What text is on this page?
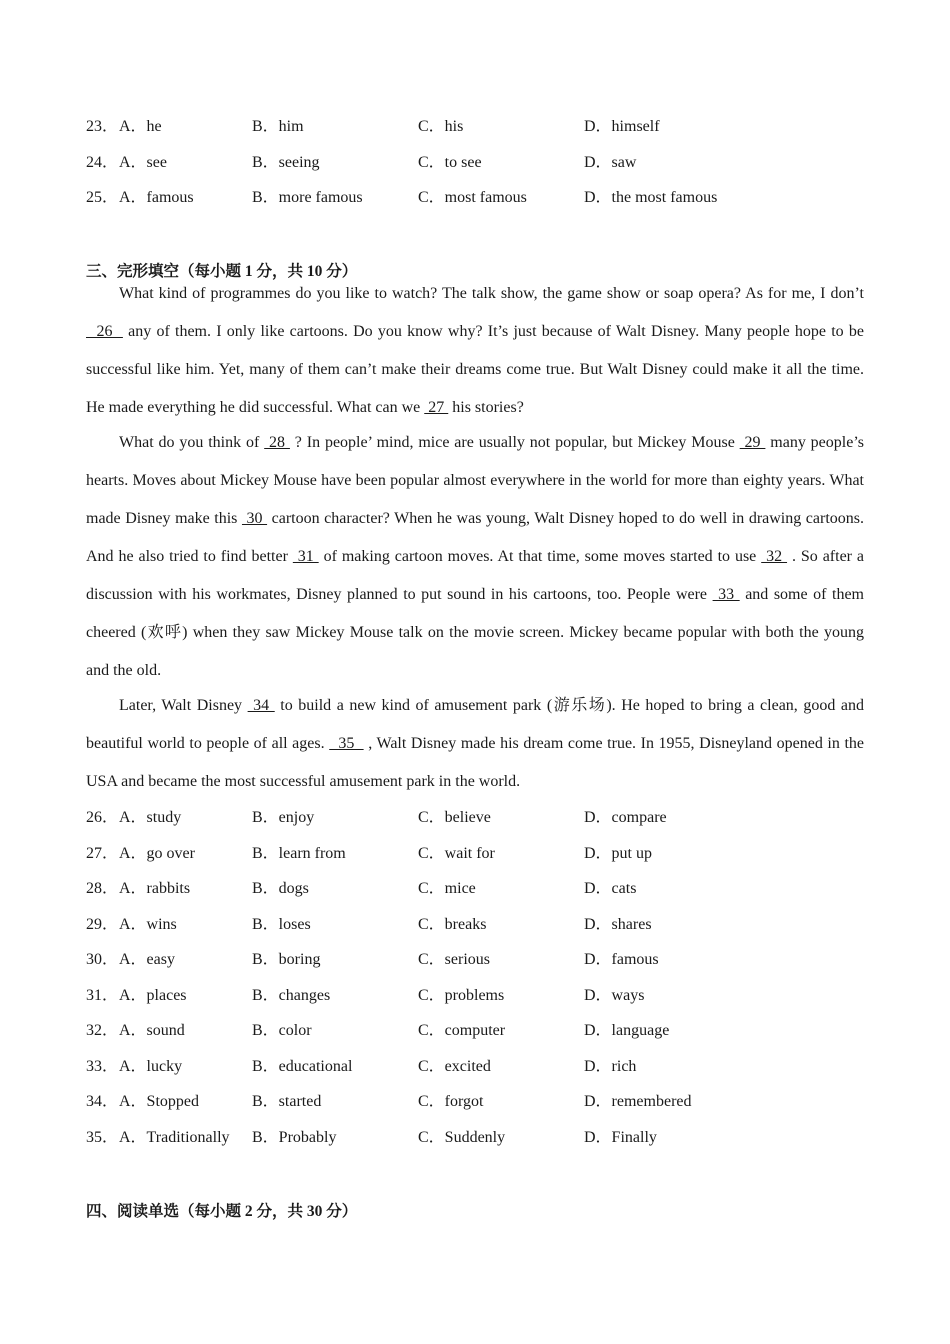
23． A．he	B．him	C．his	D．himself
24． A．see	B．seeing	C．to see	D．saw
25． A．famous	B．more famous	C．most famous	D．the most famous
三、完形填空（每小题 1 分，共 10 分）

What kind of programmes do you like to watch? The talk show, the game show or soap opera? As for me, I don’t   26   any of them. I only like cartoons. Do you know why? It’s just because of Walt Disney. Many people hope to be successful like him. Yet, many of them can’t make their dreams come true. But Walt Disney could make it all the time. He made everything he did successful. What can we  27  his stories?

What do you think of  28  ? In people’ mind, mice are usually not popular, but Mickey Mouse  29  many people’s hearts. Moves about Mickey Mouse have been popular almost everywhere in the world for more than eighty years. What made Disney make this  30  cartoon character? When he was young, Walt Disney hoped to do well in drawing cartoons. And he also tried to find better  31  of making cartoon moves. At that time, some moves started to use  32  . So after a discussion with his workmates, Disney planned to put sound in his cartoons, too. People were  33  and some of them cheered (欢呼) when they saw Mickey Mouse talk on the movie screen. Mickey became popular with both the young and the old.

Later, Walt Disney  34  to build a new kind of amusement park (游乐场). He hoped to bring a clean, good and beautiful world to people of all ages.   35   , Walt Disney made his dream come true. In 1955, Disneyland opened in the USA and became the most successful amusement park in the world.

26． A．study	B．enjoy	C．believe	D．compare
27． A．go over	B．learn from	C．wait for	D．put up
28． A．rabbits	B．dogs	C．mice	D．cats
29． A．wins	B．loses	C．breaks	D．shares
30． A．easy	B．boring	C．serious	D．famous
31． A．places	B．changes	C．problems	D．ways
32． A．sound	B．color	C．computer	D．language
33． A．lucky	B．educational	C．excited	D．rich
34． A．Stopped	B．started	C．forgot	D．remembered
35． A．Traditionally B．Probably	C．Suddenly	D．Finally
四、阅读单选（每小题 2 分，共 30 分）
